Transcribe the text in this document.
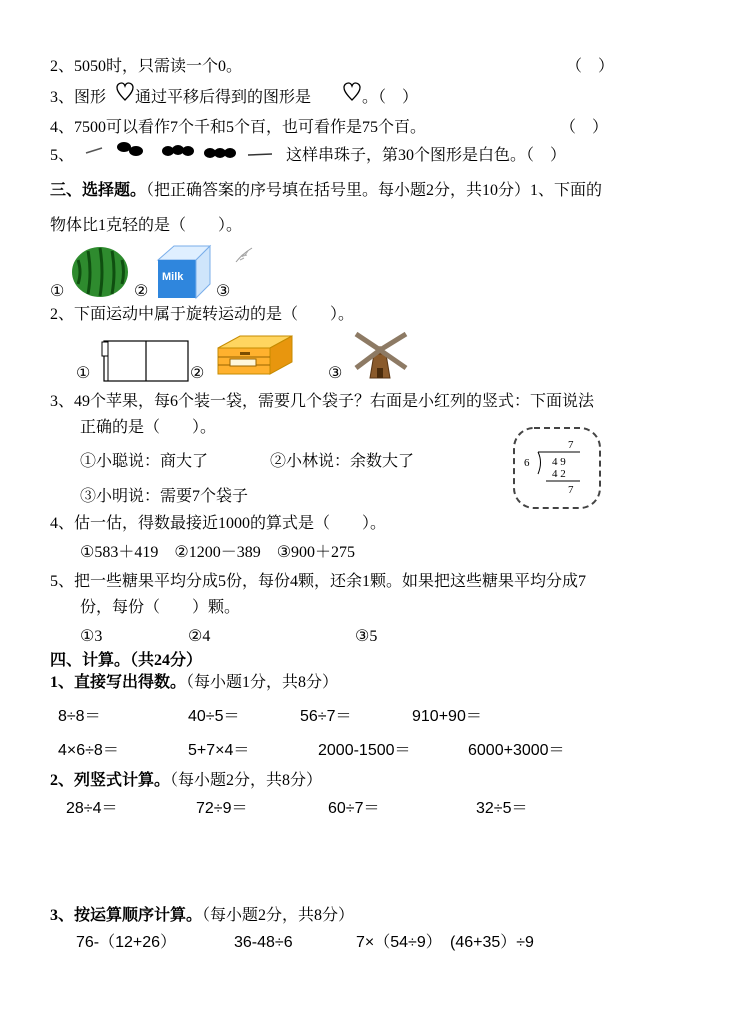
2、5050时，只需读一个0。	（　）
3、图形 通过平移后得到的图形是	。（　）
4、7500可以看作7个千和5个百，也可看作是75个百。	（　）
5、	这样串珠子，第30个图形是白色。（　）
三、选择题。（把正确答案的序号填在括号里。每小题2分，共10分）1、下面的
物体比1克轻的是（　　）。
①	②
Milk
③
2、下面运动中属于旋转运动的是（　　）。
①	②	③
3、49个苹果，每6个装一袋，需要几个袋子？右面是小红列的竖式：下面说法
正确的是（　　）。
①小聪说：商大了	②小林说：余数大了
③小明说：需要7个袋子
7
6 4 9
4 2
7
4、估一估，得数最接近1000的算式是（　　）。
①583＋419　②1200－389　③900＋275
5、把一些糖果平均分成5份，每份4颗，还余1颗。如果把这些糖果平均分成7
份，每份（　　）颗。
①3	②4	③5
四、计算。（共24分）
1、直接写出得数。（每小题1分，共8分）
8÷8＝	40÷5＝	56÷7＝	910+90＝
4×6÷8＝	5+7×4＝	2000-1500＝	6000+3000＝
2、列竖式计算。（每小题2分，共8分）
28÷4＝	72÷9＝	60÷7＝	32÷5＝
3、按运算顺序计算。（每小题2分，共8分）
76-（12+26）	36-48÷6	7×（54÷9） (46+35）÷9
